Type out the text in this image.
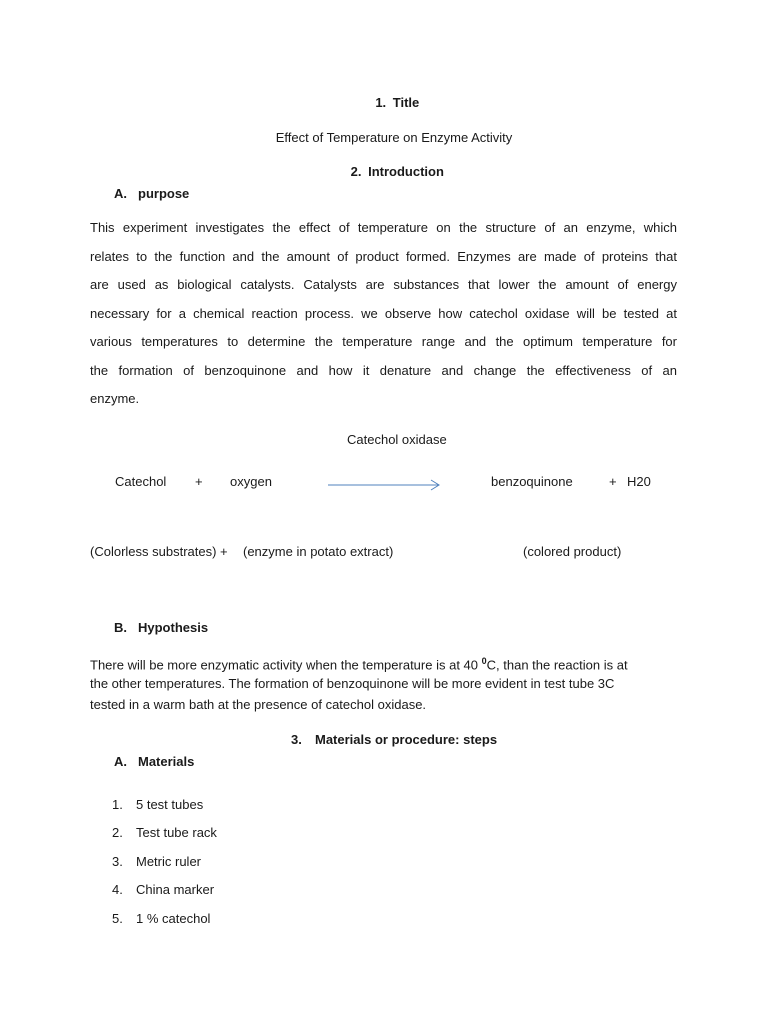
1. Title
Effect of Temperature on Enzyme Activity
2. Introduction
A. purpose
This experiment investigates the effect of temperature on the structure of an enzyme, which
relates to the function and the amount of product formed. Enzymes are made of proteins that
are used as biological catalysts. Catalysts are substances that lower the amount of energy
necessary for a chemical reaction process. we observe how catechol oxidase will be tested at
various temperatures to determine the temperature range and the optimum temperature for
the formation of benzoquinone and how it denature and change the effectiveness of an
enzyme.
Catechol oxidase
Catechol + oxygen	benzoquinone	+ H20
(Colorless substrates) + (enzyme in potato extract)	(colored product)
B. Hypothesis
There will be more enzymatic activity when the temperature is at 40 $^0$C, than the reaction is at
the other temperatures. The formation of benzoquinone will be more evident in test tube 3C
tested in a warm bath at the presence of catechol oxidase.
3. Materials or procedure: steps
A. Materials
1. 5 test tubes
2. Test tube rack
3. Metric ruler
4. China marker
5. 1 % catechol
